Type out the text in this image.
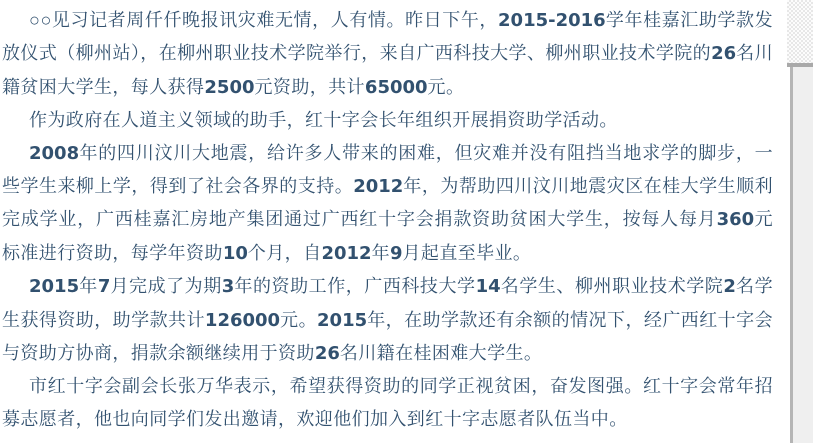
○○见习记者周仟仟晚报讯灾难无情，人有情。昨日下午，2015-2016学年桂嘉汇助学款发放仪式（柳州站），在柳州职业技术学院举行，来自广西科技大学、柳州职业技术学院的26名川籍贫困大学生，每人获得2500元资助，共计65000元。

作为政府在人道主义领域的助手，红十字会长年组织开展捐资助学活动。

2008年的四川汶川大地震，给许多人带来的困难，但灾难并没有阻挡当地求学的脚步，一些学生来柳上学，得到了社会各界的支持。2012年，为帮助四川汶川地震灾区在桂大学生顺利完成学业，广西桂嘉汇房地产集团通过广西红十字会捐款资助贫困大学生，按每人每月360元标准进行资助，每学年资助10个月，自2012年9月起直至毕业。

2015年7月完成了为期3年的资助工作，广西科技大学14名学生、柳州职业技术学院2名学生获得资助，助学款共计126000元。2015年，在助学款还有余额的情况下，经广西红十字会与资助方协商，捐款余额继续用于资助26名川籍在桂困难大学生。

市红十字会副会长张万华表示，希望获得资助的同学正视贫困，奋发图强。红十字会常年招募志愿者，他也向同学们发出邀请，欢迎他们加入到红十字志愿者队伍当中。
